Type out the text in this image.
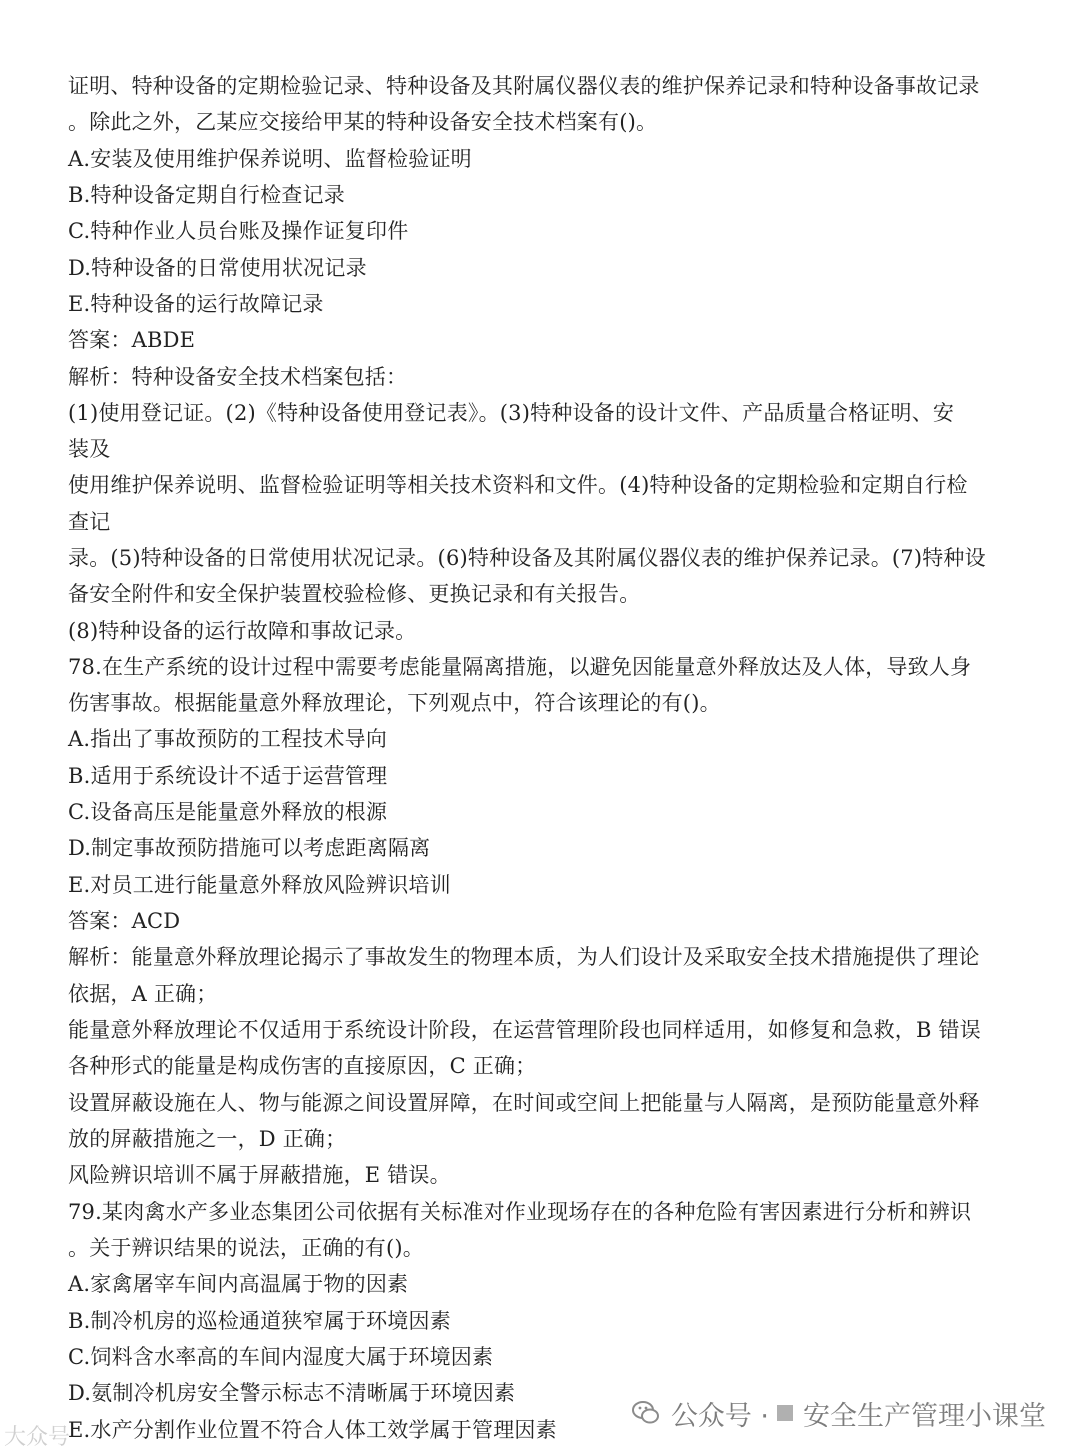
证明、特种设备的定期检验记录、特种设备及其附属仪器仪表的维护保养记录和特种设备事故记录
。除此之外，乙某应交接给甲某的特种设备安全技术档案有()。
A.安装及使用维护保养说明、监督检验证明
B.特种设备定期自行检查记录
C.特种作业人员台账及操作证复印件
D.特种设备的日常使用状况记录
E.特种设备的运行故障记录
答案：ABDE
解析：特种设备安全技术档案包括：
(1)使用登记证。(2)《特种设备使用登记表》。(3)特种设备的设计文件、产品质量合格证明、安
装及
使用维护保养说明、监督检验证明等相关技术资料和文件。(4)特种设备的定期检验和定期自行检
查记
录。(5)特种设备的日常使用状况记录。(6)特种设备及其附属仪器仪表的维护保养记录。(7)特种设
备安全附件和安全保护装置校验检修、更换记录和有关报告。
(8)特种设备的运行故障和事故记录。
78.在生产系统的设计过程中需要考虑能量隔离措施，以避免因能量意外释放达及人体，导致人身
伤害事故。根据能量意外释放理论，下列观点中，符合该理论的有()。
A.指出了事故预防的工程技术导向
B.适用于系统设计不适于运营管理
C.设备高压是能量意外释放的根源
D.制定事故预防措施可以考虑距离隔离
E.对员工进行能量意外释放风险辨识培训
答案：ACD
解析：能量意外释放理论揭示了事故发生的物理本质，为人们设计及采取安全技术措施提供了理论
依据，A 正确；
能量意外释放理论不仅适用于系统设计阶段，在运营管理阶段也同样适用，如修复和急救，B 错误
各种形式的能量是构成伤害的直接原因，C 正确；
设置屏蔽设施在人、物与能源之间设置屏障，在时间或空间上把能量与人隔离，是预防能量意外释
放的屏蔽措施之一，D 正确；
风险辨识培训不属于屏蔽措施，E 错误。
79.某肉禽水产多业态集团公司依据有关标准对作业现场存在的各种危险有害因素进行分析和辨识
。关于辨识结果的说法，正确的有()。
A.家禽屠宰车间内高温属于物的因素
B.制冷机房的巡检通道狭窄属于环境因素
C.饲料含水率高的车间内湿度大属于环境因素
D.氨制冷机房安全警示标志不清晰属于环境因素
E.水产分割作业位置不符合人体工效学属于管理因素
大众号
公众号 · 安全生产管理小课堂
